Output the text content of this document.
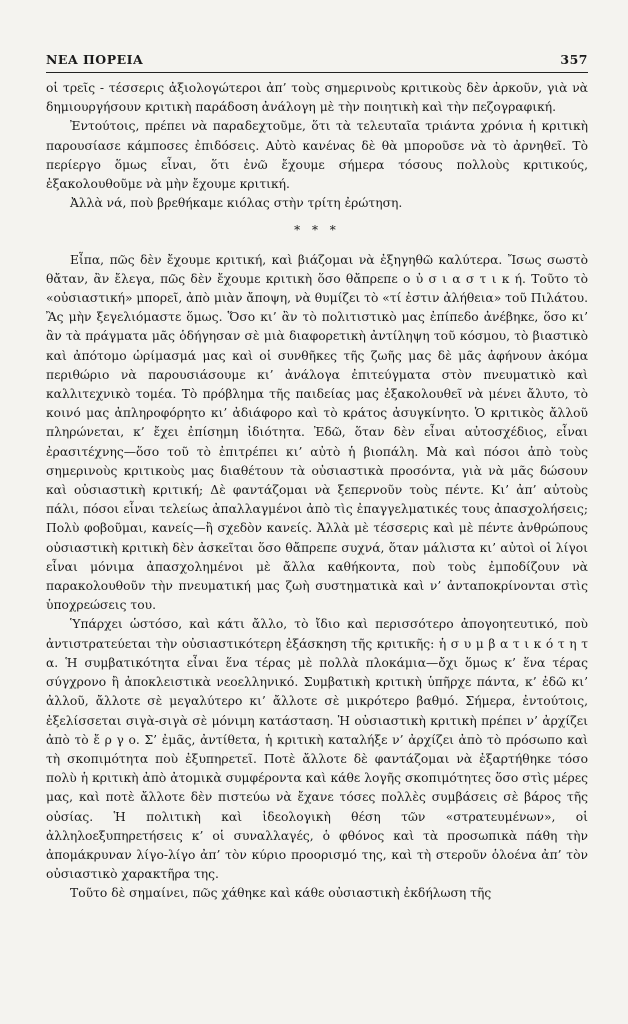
ΝΕΑ ΠΟΡΕΙΑ	357

οἱ τρεῖς - τέσσερις ἀξιολογώτεροι ἀπ’ τοὺς σημερινοὺς κριτικοὺς δὲν ἀρκοῦν, γιὰ νὰ δημιουργήσουν κριτικὴ παράδοση ἀνάλογη μὲ τὴν ποιητικὴ καὶ τὴν πεζογραφική.

Ἐντούτοις, πρέπει νὰ παραδεχτοῦμε, ὅτι τὰ τελευταῖα τριάντα χρόνια ἡ κριτικὴ παρουσίασε κάμποσες ἐπιδόσεις. Αὐτὸ κανένας δὲ θὰ μποροῦσε νὰ τὸ ἀρνηθεῖ. Τὸ περίεργο ὅμως εἶναι, ὅτι ἐνῶ ἔχουμε σήμερα τόσους πολλοὺς κριτικούς, ἐξακολουθοῦμε νὰ μὴν ἔχουμε κριτική.

Ἀλλὰ νά, ποὺ βρεθήκαμε κιόλας στὴν τρίτη ἐρώτηση.

* * *

Εἶπα, πῶς δὲν ἔχουμε κριτική, καὶ βιάζομαι νὰ ἐξηγηθῶ καλύτερα. Ἴσως σωστὸ θἄταν, ἂν ἔλεγα, πῶς δὲν ἔχουμε κριτικὴ ὅσο θἄπρεπε ο ὐ σ ι α σ τ ι κ ή. Τοῦτο τὸ «οὐσιαστική» μπορεῖ, ἀπὸ μιὰν ἄποψη, νὰ θυμίζει τὸ «τί ἐστιν ἀλήθεια» τοῦ Πιλάτου. Ἂς μὴν ξεγελιόμαστε ὅμως. Ὅσο κι’ ἂν τὸ πολιτιστικὸ μας ἐπίπεδο ἀνέβηκε, ὅσο κι’ ἂν τὰ πράγματα μᾶς ὁδήγησαν σὲ μιὰ διαφορετικὴ ἀντίληψη τοῦ κόσμου, τὸ βιαστικὸ καὶ ἀπότομο ὡρίμασμά μας καὶ οἱ συνθῆκες τῆς ζωῆς μας δὲ μᾶς ἀφήνουν ἀκόμα περιθώριο νὰ παρουσιάσουμε κι’ ἀνάλογα ἐπιτεύγματα στὸν πνευματικὸ καὶ καλλιτεχνικὸ τομέα. Τὸ πρόβλημα τῆς παιδείας μας ἐξακολουθεῖ νὰ μένει ἄλυτο, τὸ κοινό μας ἀπληροφόρητο κι’ ἀδιάφορο καὶ τὸ κράτος ἀσυγκίνητο. Ὁ κριτικὸς ἄλλοῦ πληρώνεται, κ’ ἔχει ἐπίσημη ἰδιότητα. Ἐδῶ, ὅταν δὲν εἶναι αὐτοσχέδιος, εἶναι ἐρασιτέχνης—ὅσο τοῦ τὸ ἐπιτρέπει κι’ αὐτὸ ἡ βιοπάλη. Μὰ καὶ πόσοι ἀπὸ τοὺς σημερινοὺς κριτικοὺς μας διαθέτουν τὰ οὐσιαστικὰ προσόντα, γιὰ νὰ μᾶς δώσουν καὶ οὐσιαστικὴ κριτική; Δὲ φαντάζομαι νὰ ξεπερνοῦν τοὺς πέντε. Κι’ ἀπ’ αὐτοὺς πάλι, πόσοι εἶναι τελείως ἀπαλλαγμένοι ἀπὸ τὶς ἐπαγγελματικές τους ἀπασχολήσεις; Πολὺ φοβοῦμαι, κανείς—ἢ σχεδὸν κανείς. Ἀλλὰ μὲ τέσσερις καὶ μὲ πέντε ἀνθρώπους οὐσιαστικὴ κριτικὴ δὲν ἀσκεῖται ὅσο θἄπρεπε συχνά, ὅταν μάλιστα κι’ αὐτοὶ οἱ λίγοι εἶναι μόνιμα ἀπασχολημένοι μὲ ἄλλα καθήκοντα, ποὺ τοὺς ἐμποδίζουν νὰ παρακολουθοῦν τὴν πνευματική μας ζωὴ συστηματικὰ καὶ ν’ ἀνταποκρίνονται στὶς ὑποχρεώσεις του.

Ὑπάρχει ὡστόσο, καὶ κάτι ἄλλο, τὸ ἴδιο καὶ περισσότερο ἀπογοητευτικό, ποὺ ἀντιστρατεύεται τὴν οὐσιαστικότερη ἐξάσκηση τῆς κριτικῆς: ἡ σ υ μ β α τ ι κ ό τ η τ α. Ἡ συμβατικότητα εἶναι ἕνα τέρας μὲ πολλὰ πλοκάμια—ὄχι ὅμως κ’ ἕνα τέρας σύγχρονο ἢ ἀποκλειστικὰ νεοελληνικό. Συμβατικὴ κριτικὴ ὑπῆρχε πάντα, κ’ ἐδῶ κι’ ἀλλοῦ, ἄλλοτε σὲ μεγαλύτερο κι’ ἄλλοτε σὲ μικρότερο βαθμό. Σήμερα, ἐντούτοις, ἐξελίσσεται σιγὰ-σιγὰ σὲ μόνιμη κατάσταση. Ἡ οὐσιαστικὴ κριτικὴ πρέπει ν’ ἀρχίζει ἀπὸ τὸ ἔ ρ γ ο. Σ’ ἐμᾶς, ἀντίθετα, ἡ κριτικὴ καταλήξε ν’ ἀρχίζει ἀπὸ τὸ πρόσωπο καὶ τὴ σκοπιμότητα ποὺ ἐξυπηρετεῖ. Ποτὲ ἄλλοτε δὲ φαντάζομαι νὰ ἐξαρτήθηκε τόσο πολὺ ἡ κριτικὴ ἀπὸ ἀτομικὰ συμφέροντα καὶ κάθε λογῆς σκοπιμότητες ὅσο στὶς μέρες μας, καὶ ποτὲ ἄλλοτε δὲν πιστεύω νὰ ἔχανε τόσες πολλὲς συμβάσεις σὲ βάρος τῆς οὐσίας. Ἡ πολιτικὴ καὶ ἰδεολογικὴ θέση τῶν «στρατευμένων», οἱ ἀλληλοεξυπηρετήσεις κ’ οἱ συναλλαγές, ὁ φθόνος καὶ τὰ προσωπικὰ πάθη τὴν ἀπομάκρυναν λίγο-λίγο ἀπ’ τὸν κύριο προορισμό της, καὶ τὴ στεροῦν ὁλοένα ἀπ’ τὸν οὐσιαστικὸ χαρακτῆρα της.

Τοῦτο δὲ σημαίνει, πῶς χάθηκε καὶ κάθε οὐσιαστικὴ ἐκδήλωση τῆς
